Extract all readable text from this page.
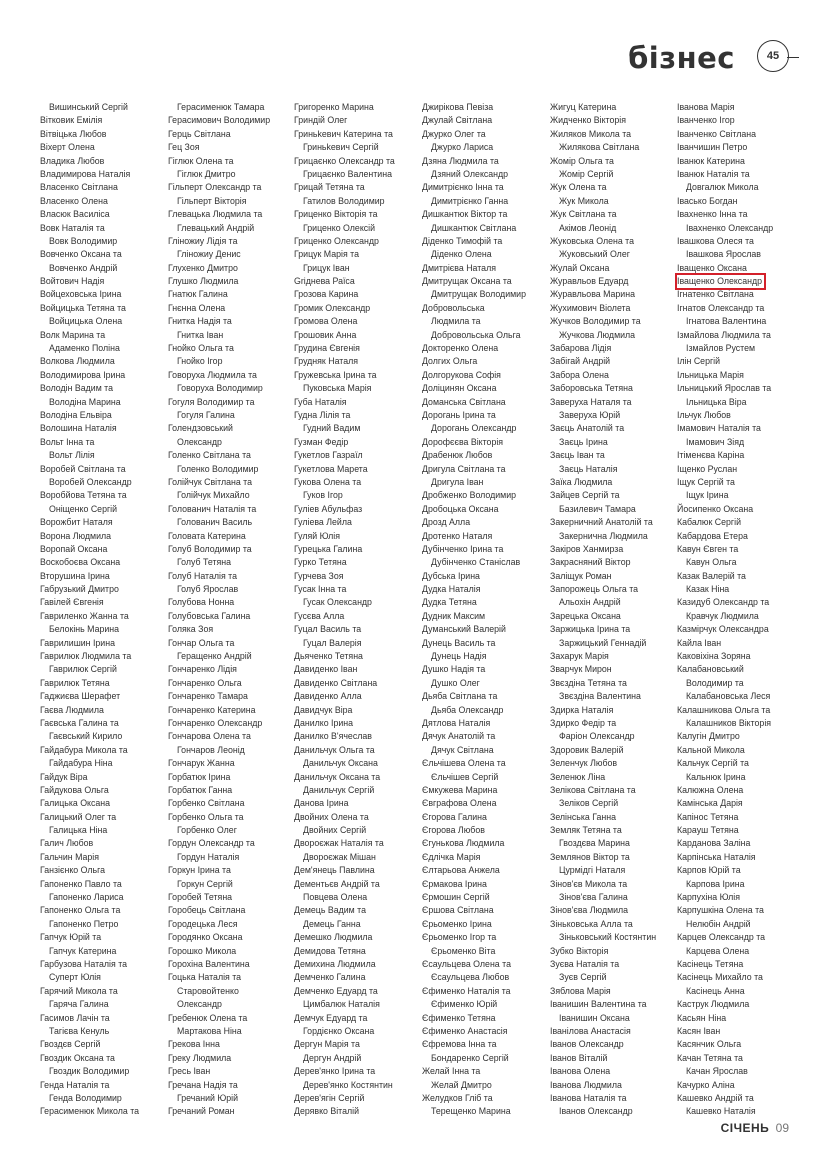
бізнес	45
Вишинський Сергій
Вітковик Емілія
Вітвіцька Любов
Віхерт Олена
Владика Любов
Владимирова Наталія
Власенко Світлана
Власенко Олена
Власюк Василіса
Вовк Наталія та
Вовк Володимир
Вовченко Оксана та
Вовченко Андрій
Войтович Надія
Войцеховська Ірина
Войцицька Тетяна та
Войцицька Олена
Волк Марина та
Адаменко Поліна
Волкова Людмила
Володимирова Ірина
Володін Вадим та
Володіна Марина
Володіна Ельвіра
Волошина Наталія
Вольт Інна та
Вольт Лілія
Воробей Світлана та
Воробей Олександр
Воробйова Тетяна та
Оніщенко Сергій
Ворожбит Наталя
Ворона Людмила
Воропай Оксана
Воскобоєва Оксана
Вторушина Ірина
Габрузький Дмитро
Гавілей Євгенія
Гавриленко Жанна та
Белокінь Марина
Гаврилишин Ірина
Гаврилюк Людмила та
Гаврилюк Сергій
Гаврилюк Тетяна
Гаджиєва Шерафет
Гаєва Людмила
Гаєвська Галина та
Гаєвський Кирило
Гайдабура Микола та
Гайдабура Ніна
Гайдук Віра
Гайдукова Ольга
Галицька Оксана
Галицький Олег та
Галицька Ніна
Галич Любов
Гальчин Марія
Ганзієнко Ольга
Гапоненко Павло та
Гапоненко Лариса
Гапоненко Ольга та
Гапоненко Петро
Гапчук Юрій та
Гапчук Катерина
Гарбузова Наталія та
Суперт Юлія
Гарячий Микола та
Гаряча Галина
Гасимов Лачін та
Тагієва Кенуль
Гвоздєв Сергій
Гвоздик Оксана та
Гвоздик Володимир
Генда Наталія та
Генда Володимир
Герасименюк Микола та
Герасименюк Тамара
Герасимович Володимир
Герць Світлана
Гец Зоя
Гіглюк Олена та
Гіглюк Дмитро
Гільперт Олександр та
Гільперт Вікторія
Глевацька Людмила та
Глевацький Андрій
Гліножиу Лідія та
Гліножиу Денис
Глухенко Дмитро
Глушко Людмила
Гнатюк Галина
Гнєнна Олена
Гнитка Надія та
Гнитка Іван
Гнойко Ольга та
Гнойко Ігор
Говоруха Людмила та
Говоруха Володимир
Гогуля Володимир та
Гогуля Галина
Голендзовський
Олександр
Голенко Світлана та
Голенко Володимир
Голійчук Світлана та
Голійчук Михайло
Голованич Наталія та
Голованич Василь
Головата Катерина
Голуб Володимир та
Голуб Тетяна
Голуб Наталія та
Голуб Ярослав
Голубова Нонна
Голубовська Галина
Голяка Зоя
Гончар Ольга та
Геращенко Андрій
Гончаренко Лідія
Гончаренко Ольга
Гончаренко Тамара
Гончаренко Катерина
Гончаренко Олександр
Гончарова Олена та
Гончаров Леонід
Гончарук Жанна
Горбатюк Ірина
Горбатюк Ганна
Горбенко Світлана
Горбенко Ольга та
Горбенко Олег
Гордун Олександр та
Гордун Наталія
Горкун Ірина та
Горкун Сергій
Горобей Тетяна
Горобець Світлана
Городецька Леся
Городянко Оксана
Горошко Микола
Горохіна Валентина
Гоцька Наталія та
Старовойтенко
Олександр
Гребенюк Олена та
Мартакова Ніна
Грекова Інна
Греку Людмила
Гресь Іван
Гречана Надія та
Гречаний Юрій
Гречаний Роман
Григоренко Марина
Гриндій Олег
Гриньkевич Катерина та
Гриньkевич Сергій
Грицаєнко Олександр та
Грицаєнко Валентина
Грицай Тетяна та
Гатилов Володимир
Гриценко Вікторія та
Гриценко Олексій
Гриценко Олександр
Грицук Марія та
Грицук Іван
Griднева Раїса
Грозова Карина
Громик Олександр
Громова Олена
Грошовик Анна
Грудина Євгенія
Грудняк Наталя
Гружевська Ірина та
Пуковська Марія
Губа Наталія
Гудна Лілія та
Гудний Вадим
Гузман Федір
Гукетлов Газраїл
Гукетлова Марета
Гукова Олена та
Гуков Ігор
Гуліев Абульфаз
Гуліева Лейла
Гуляй Юлія
Гурецька Галина
Гурко Тетяна
Гурчева Зоя
Гусак Інна та
Гусак Олександр
Гусєва Алла
Гуцал Василь та
Гуцал Валерія
Дьяченко Тетяна
Давиденко Іван
Давиденко Світлана
Давиденко Алла
Давидчук Віра
Данилко Ірина
Данилко В'ячеслав
Данильчук Ольга та
Данильчук Оксана
Данильчук Оксана та
Данильчук Сергій
Данова Ірина
Двойних Олена та
Двойних Сергій
Двороєжак Наталія та
Двороєжак Мішан
Дем'янець Павлина
Дементьєв Андрій та
Повцева Олена
Демець Вадим та
Демець Ганна
Демешко Людмила
Демидова Тетяна
Демихина Людмила
Демченко Галина
Демченко Едуард та
Цимбалюк Наталія
Демчук Едуард та
Гордієнко Оксана
Дергун Марія та
Дергун Андрій
Дерев'янко Ірина та
Дерев'янко Костянтин
Дерев'ягін Сергій
Дерявко Віталій
Джирікова Певіза
Джулай Світлана
Джурко Олег та
Джурко Лариса
Дзяна Людмила та
Дзяний Олександр
Димитрієнко Інна та
Димитрієнко Ганна
Дишкантюк Віктор та
Дишкантюк Світлана
Діденко Тимофій та
Діденко Олена
Дмитрієва Наталя
Дмитрущак Оксана та
Дмитрущак Володимир
Добровольська
Людмила та
Добровольська Ольга
Докторенко Олена
Долгих Ольга
Долгорукова Софія
Доліцинян Оксана
Доманська Світлана
Дорогань Ірина та
Дорогань Олександр
Дорофєєва Вікторія
Драбенюк Любов
Дригула Світлана та
Дригула Іван
Дробженко Володимир
Дробоцька Оксана
Дрозд Алла
Дротенко Наталя
Дубінченко Ірина та
Дубінченко Станіслав
Дубська Ірина
Дудка Наталія
Дудка Тетяна
Дудник Максим
Думанський Валерій
Дунець Василь та
Дунець Надія
Душко Надія та
Душко Олег
Дьяба Світлана та
Дьяба Олександр
Дятлова Наталія
Дячук Анатолій та
Дячук Світлана
Єльчішева Олена та
Єльчішев Сергій
Ємкужева Марина
Євграфова Олена
Єгорова Галина
Єгорова Любов
Єгунькова Людмила
Єдлічка Марія
Єлтарьова Анжела
Єрмакова Ірина
Єрмошин Сергій
Єршова Світлана
Єрьоменко Ірина
Єрьоменко Ігор та
Єрьоменко Віта
Єсаульцева Олена та
Єсаульцева Любов
Єфименко Наталія та
Єфименко Юрій
Єфименко Тетяна
Єфименко Анастасія
Єфремова Інна та
Бондаренко Сергій
Желай Інна та
Желай Дмитро
Желудков Гліб та
Терещенко Марина
Жигуц Катерина
Жидченко Вікторія
Жиляков Микола та
Жилякова Світлана
Жомір Ольга та
Жомір Сергій
Жук Олена та
Жук Микола
Жук Світлана та
Акімов Леонід
Жуковська Олена та
Жуковський Олег
Жулай Оксана
Журавльов Едуард
Журавльова Марина
Жухимович Віолета
Жучков Володимир та
Жучкова Людмила
Забарова Лідія
Забігай Андрій
Забора Олена
Заборовська Тетяна
Заверуха Наталя та
Заверуха Юрій
Заєць Анатолій та
Заєць Ірина
Заєць Іван та
Заєць Наталія
Заїка Людмила
Зайцев Сергій та
Базилевич Тамара
Закерничний Анатолій та
Закернична Людмила
Закіров Ханмирза
Закрасняний Віктор
Заліщук Роман
Запорожець Ольга та
Альохін Андрій
Зарецька Оксана
Заржицька Ірина та
Заржицький Геннадій
Захарук Марія
Зварчук Мирон
Звєздіна Тетяна та
Звєздіна Валентина
Здирка Наталія
Здирко Федір та
Фаріон Олександр
Здоровик Валерій
Зеленчук Любов
Зеленюк Ліна
Зелікова Світлана та
Зеліков Сергій
Зелінська Ганна
Земляк Тетяна та
Гвоздєва Марина
Землянов Віктор та
Цурмідгі Наталя
Зінов'єв Микола та
Зінов'єва Галина
Зінов'єва Людмила
Зіньковська Алла та
Зіньковський Костянтин
Зубко Вікторія
Зуєва Наталія та
Зуєв Сергій
Зяблова Марія
Іванишин Валентина та
Іванишин Оксана
Іванілова Анастасія
Іванов Олександр
Іванов Віталій
Іванова Олена
Іванова Людмила
Іванова Наталія та
Іванов Олександр
Іванова Марія
Іванченко Ігор
Іванченко Світлана
Іванчишин Петро
Іванюк Катерина
Іванюк Наталія та
Довгалюк Микола
Івасько Богдан
Івахненко Інна та
Івахненко Олександр
Івашкова Олеся та
Івашкова Ярослав
Іващенко Оксана
Іващенко Олександр
Ігнатенко Світлана
Ігнатов Олександр та
Ігнатова Валентина
Ізмайлова Людмила та
Ізмайлов Рустем
Ілін Сергій
Ільницька Марія
Ільницький Ярослав та
Ільницька Віра
Ільчук Любов
Імамович Наталія та
Імамович Зіяд
Ітіменєва Каріна
Іщенко Руслан
Іщук Сергій та
Іщук Ірина
Йосипенко Оксана
Кабалюк Сергій
Кабардова Етера
Кавун Євген та
Кавун Ольга
Казак Валерій та
Казак Ніна
Казидуб Олександр та
Кравчук Людмила
Казмірчук Олександра
Кайла Іван
Каковіхіна Зоряна
Калабановський
Володимир та
Калабановська Леся
Калашникова Ольга та
Калашников Вікторія
Калугін Дмитро
Кальной Микола
Кальчук Сергій та
Кальнюк Ірина
Калюжна Олена
Камінська Дарія
Капінос Тетяна
Карауш Тетяна
Карданова Заліна
Карпінська Наталія
Карпов Юрій та
Карпова Ірина
Карпухіна Юлія
Карпушкіна Олена та
Нелюбін Андрій
Карцев Олександр та
Карцева Олена
Касінець Тетяна
Касінець Михайло та
Касінець Анна
Каструк Людмила
Касьян Ніна
Касян Іван
Касянчик Ольга
Качан Тетяна та
Качан Ярослав
Качурко Аліна
Кашевко Андрій та
Кашевко Наталія
СІЧЕНЬ 09
